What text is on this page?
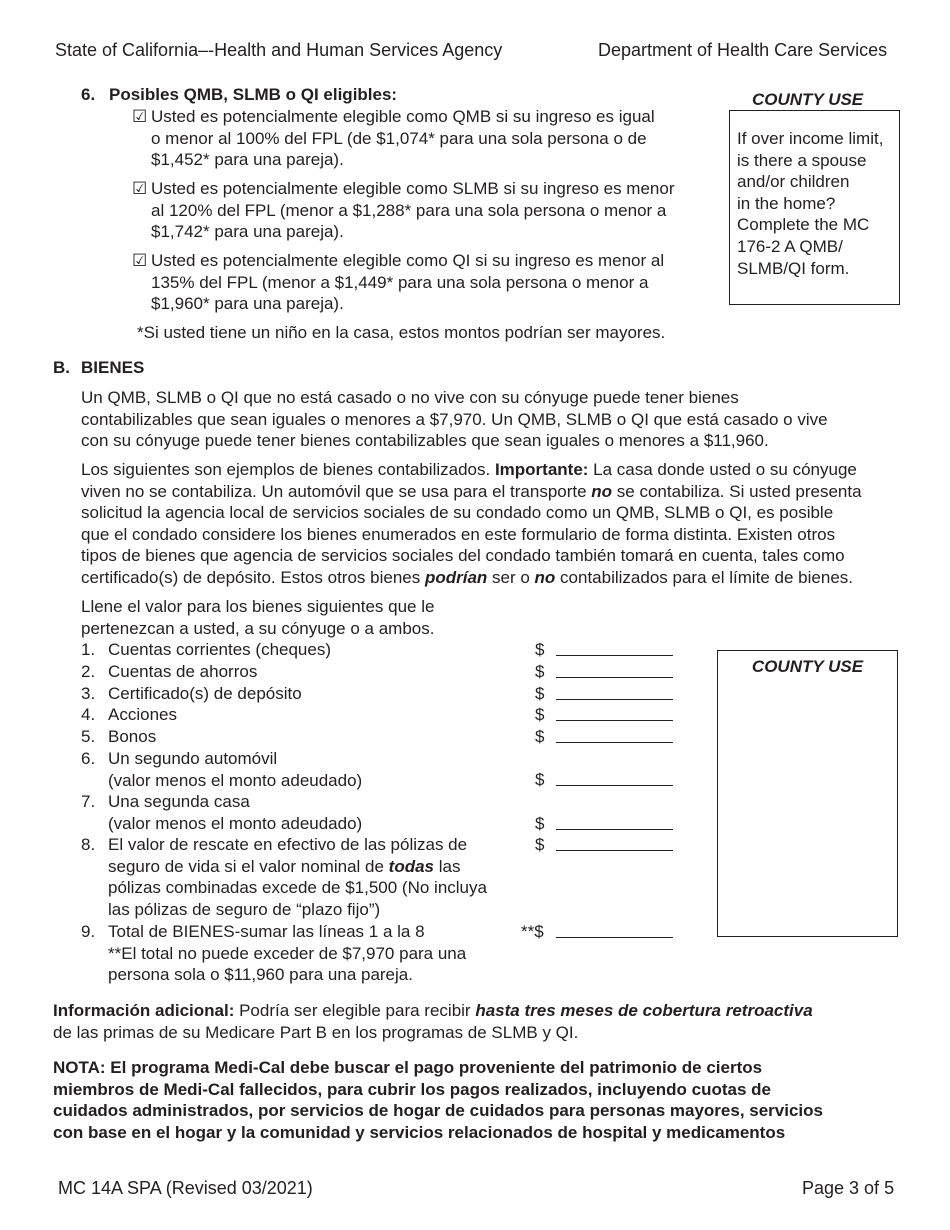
State of California–-Health and Human Services Agency	Department of Health Care Services
6. Posibles QMB, SLMB o QI eligibles:
☑ Usted es potencialmente elegible como QMB si su ingreso es igual
o menor al 100% del FPL (de $1,074* para una sola persona o de
$1,452* para una pareja).
☑ Usted es potencialmente elegible como SLMB si su ingreso es menor
al 120% del FPL (menor a $1,288* para una sola persona o menor a
$1,742* para una pareja).
☑ Usted es potencialmente elegible como QI si su ingreso es menor al
135% del FPL (menor a $1,449* para una sola persona o menor a
$1,960* para una pareja).
*Si usted tiene un niño en la casa, estos montos podrían ser mayores.
COUNTY USE
If over income limit,
is there a spouse
and/or children
in the home?
Complete the MC
176-2 A QMB/
SLMB/QI form.
B. BIENES
Un QMB, SLMB o QI que no está casado o no vive con su cónyuge puede tener bienes
contabilizables que sean iguales o menores a $7,970. Un QMB, SLMB o QI que está casado o vive
con su cónyuge puede tener bienes contabilizables que sean iguales o menores a $11,960.
Los siguientes son ejemplos de bienes contabilizados. Importante: La casa donde usted o su cónyuge
viven no se contabiliza. Un automóvil que se usa para el transporte no se contabiliza. Si usted presenta
solicitud la agencia local de servicios sociales de su condado como un QMB, SLMB o QI, es posible
que el condado considere los bienes enumerados en este formulario de forma distinta. Existen otros
tipos de bienes que agencia de servicios sociales del condado también tomará en cuenta, tales como
certificado(s) de depósito. Estos otros bienes podrían ser o no contabilizados para el límite de bienes.
Llene el valor para los bienes siguientes que le
pertenezcan a usted, a su cónyuge o a ambos.
1. Cuentas corrientes (cheques)	$
2. Cuentas de ahorros	$
3. Certificado(s) de depósito	$
4. Acciones	$
5. Bonos	$
6. Un segundo automóvil
(valor menos el monto adeudado)	$
7. Una segunda casa
(valor menos el monto adeudado)	$
8. El valor de rescate en efectivo de las pólizas de
seguro de vida si el valor nominal de todas las
pólizas combinadas excede de $1,500 (No incluya
las pólizas de seguro de “plazo fijo”)
$
9. Total de BIENES-sumar las líneas 1 a la 8
**El total no puede exceder de $7,970 para una
persona sola o $11,960 para una pareja.
**$
COUNTY USE
Información adicional: Podría ser elegible para recibir hasta tres meses de cobertura retroactiva
de las primas de su Medicare Part B en los programas de SLMB y QI.
NOTA: El programa Medi-Cal debe buscar el pago proveniente del patrimonio de ciertos
miembros de Medi-Cal fallecidos, para cubrir los pagos realizados, incluyendo cuotas de
cuidados administrados, por servicios de hogar de cuidados para personas mayores, servicios
con base en el hogar y la comunidad y servicios relacionados de hospital y medicamentos
MC 14A SPA (Revised 03/2021)	Page 3 of 5
